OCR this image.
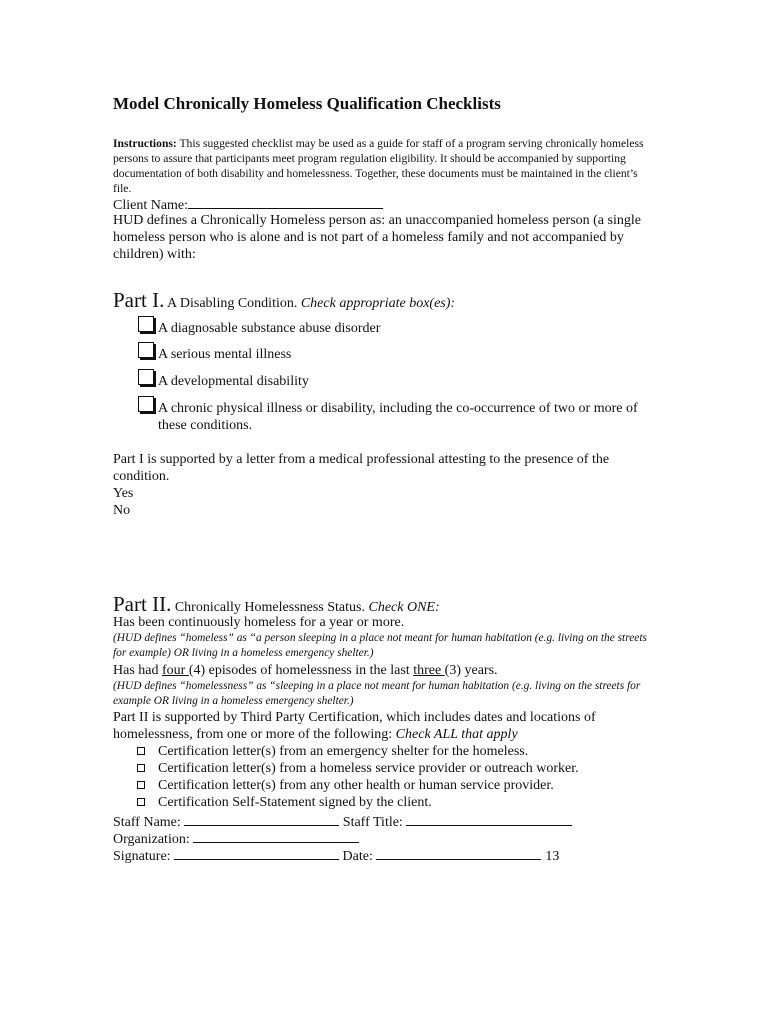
Model Chronically Homeless Qualification Checklists
Instructions: This suggested checklist may be used as a guide for staff of a program serving chronically homeless persons to assure that participants meet program regulation eligibility. It should be accompanied by supporting documentation of both disability and homelessness. Together, these documents must be maintained in the client’s file.
Client Name:
HUD defines a Chronically Homeless person as: an unaccompanied homeless person (a single homeless person who is alone and is not part of a homeless family and not accompanied by children) with:
Part I. A Disabling Condition. Check appropriate box(es):
A diagnosable substance abuse disorder
A serious mental illness
A developmental disability
A chronic physical illness or disability, including the co-occurrence of two or more of these conditions.
Part I is supported by a letter from a medical professional attesting to the presence of the condition.
Yes
No
Part II. Chronically Homelessness Status. Check ONE:
Has been continuously homeless for a year or more.
(HUD defines “homeless” as “a person sleeping in a place not meant for human habitation (e.g. living on the streets for example) OR living in a homeless emergency shelter.)
Has had four (4) episodes of homelessness in the last three (3) years.
(HUD defines “homelessness” as “sleeping in a place not meant for human habitation (e.g. living on the streets for example OR living in a homeless emergency shelter.)
Part II is supported by Third Party Certification, which includes dates and locations of homelessness, from one or more of the following: Check ALL that apply
Certification letter(s) from an emergency shelter for the homeless.
Certification letter(s) from a homeless service provider or outreach worker.
Certification letter(s) from any other health or human service provider.
Certification Self-Statement signed by the client.
Staff Name:	Staff Title:
Organization:
Signature:	Date:	13
